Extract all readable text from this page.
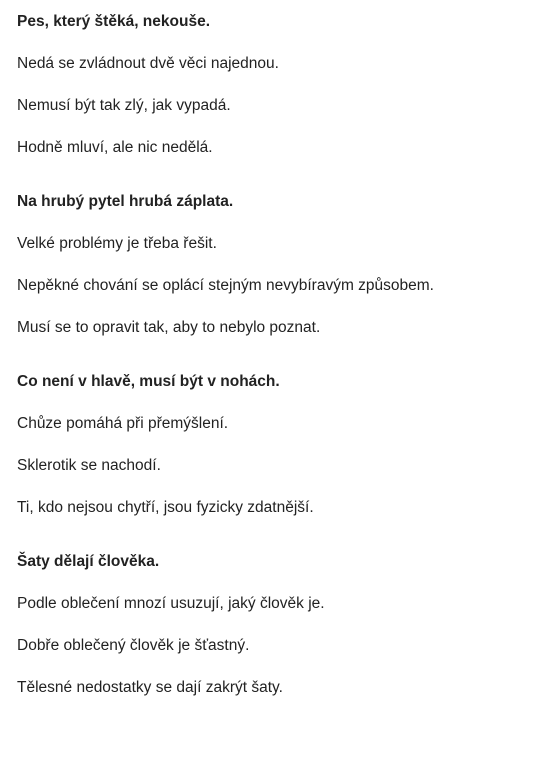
Pes, který štěká, nekouše.
Nedá se zvládnout dvě věci najednou.
Nemusí být tak zlý, jak vypadá.
Hodně mluví, ale nic nedělá.
Na hrubý pytel hrubá záplata.
Velké problémy je třeba řešit.
Nepěkné chování se oplácí stejným nevybíravým způsobem.
Musí se to opravit tak, aby to nebylo poznat.
Co není v hlavě, musí být v nohách.
Chůze pomáhá při přemýšlení.
Sklerotik se nachodí.
Ti, kdo nejsou chytří, jsou fyzicky zdatnější.
Šaty dělají člověka.
Podle oblečení mnozí usuzují, jaký člověk je.
Dobře oblečený člověk je šťastný.
Tělesné nedostatky se dají zakrýt šaty.
